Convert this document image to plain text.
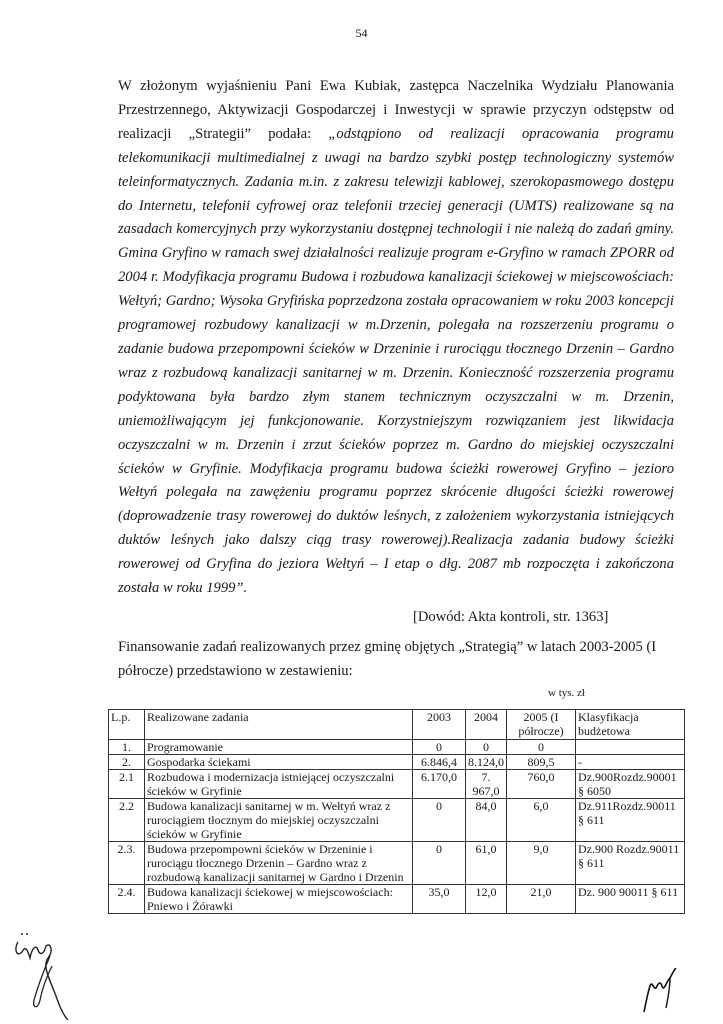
54

W złożonym wyjaśnieniu Pani Ewa Kubiak, zastępca Naczelnika Wydziału Planowania Przestrzennego, Aktywizacji Gospodarczej i Inwestycji w sprawie przyczyn odstępstw od realizacji „Strategii” podała: „odstąpiono od realizacji opracowania programu telekomunikacji multimedialnej z uwagi na bardzo szybki postęp technologiczny systemów teleinformatycznych. Zadania m.in. z zakresu telewizji kablowej, szerokopasmowego dostępu do Internetu, telefonii cyfrowej oraz telefonii trzeciej generacji (UMTS) realizowane są na zasadach komercyjnych przy wykorzystaniu dostępnej technologii i nie należą do zadań gminy. Gmina Gryfino w ramach swej działalności realizuje program e-Gryfino w ramach ZPORR od 2004 r. Modyfikacja programu Budowa i rozbudowa kanalizacji ściekowej w miejscowościach: Wełtyń; Gardno; Wysoka Gryfińska poprzedzona została opracowaniem w roku 2003 koncepcji programowej rozbudowy kanalizacji w m.Drzenin, polegała na rozszerzeniu programu o zadanie budowa przepompowni ścieków w Drzeninie i rurociągu tłocznego Drzenin – Gardno wraz z rozbudową kanalizacji sanitarnej w m. Drzenin. Konieczność rozszerzenia programu podyktowana była bardzo złym stanem technicznym oczyszczalni w m. Drzenin, uniemożliwającym jej funkcjonowanie. Korzystniejszym rozwiązaniem jest likwidacja oczyszczalni w m. Drzenin i zrzut ścieków poprzez m. Gardno do miejskiej oczyszczalni ścieków w Gryfinie. Modyfikacja programu budowa ścieżki rowerowej Gryfino – jezioro Wełtyń polegała na zawężeniu programu poprzez skrócenie długości ścieżki rowerowej (doprowadzenie trasy rowerowej do duktów leśnych, z założeniem wykorzystania istniejących duktów leśnych jako dalszy ciąg trasy rowerowej).Realizacja zadania budowy ścieżki rowerowej od Gryfina do jeziora Wełtyń – I etap o dłg. 2087 mb rozpoczęta i zakończona została w roku 1999”.

[Dowód: Akta kontroli, str. 1363]
Finansowanie zadań realizowanych przez gminę objętych „Strategią” w latach 2003-2005 (I półrocze) przedstawiono w zestawieniu:
w tys. zł
L.p.	Realizowane zadania	2003	2004	2005 (I półrocze)	Klasyfikacja budżetowa
1.	Programowanie	0	0	0	
2.	Gospodarka ściekami	6.846,4	8.124,0	809,5	-
2.1	Rozbudowa i modernizacja istniejącej oczyszczalni ścieków w Gryfinie	6.170,0	7. 967,0	760,0	Dz.900Rozdz.90001 § 6050
2.2	Budowa kanalizacji sanitarnej w m. Wełtyń wraz z rurociągiem tłocznym do miejskiej oczyszczalni ścieków w Gryfinie	0	84,0	6,0	Dz.911Rozdz.90011 § 611
2.3.	Budowa przepompowni ścieków w Drzeninie i rurociągu tłocznego Drzenin – Gardno wraz z rozbudową kanalizacji sanitarnej w Gardno i Drzenin	0	61,0	9,0	Dz.900 Rozdz.90011 § 611
2.4.	Budowa kanalizacji ściekowej w miejscowościach: Pniewo i Żórawki	35,0	12,0	21,0	Dz. 900 90011 § 611
